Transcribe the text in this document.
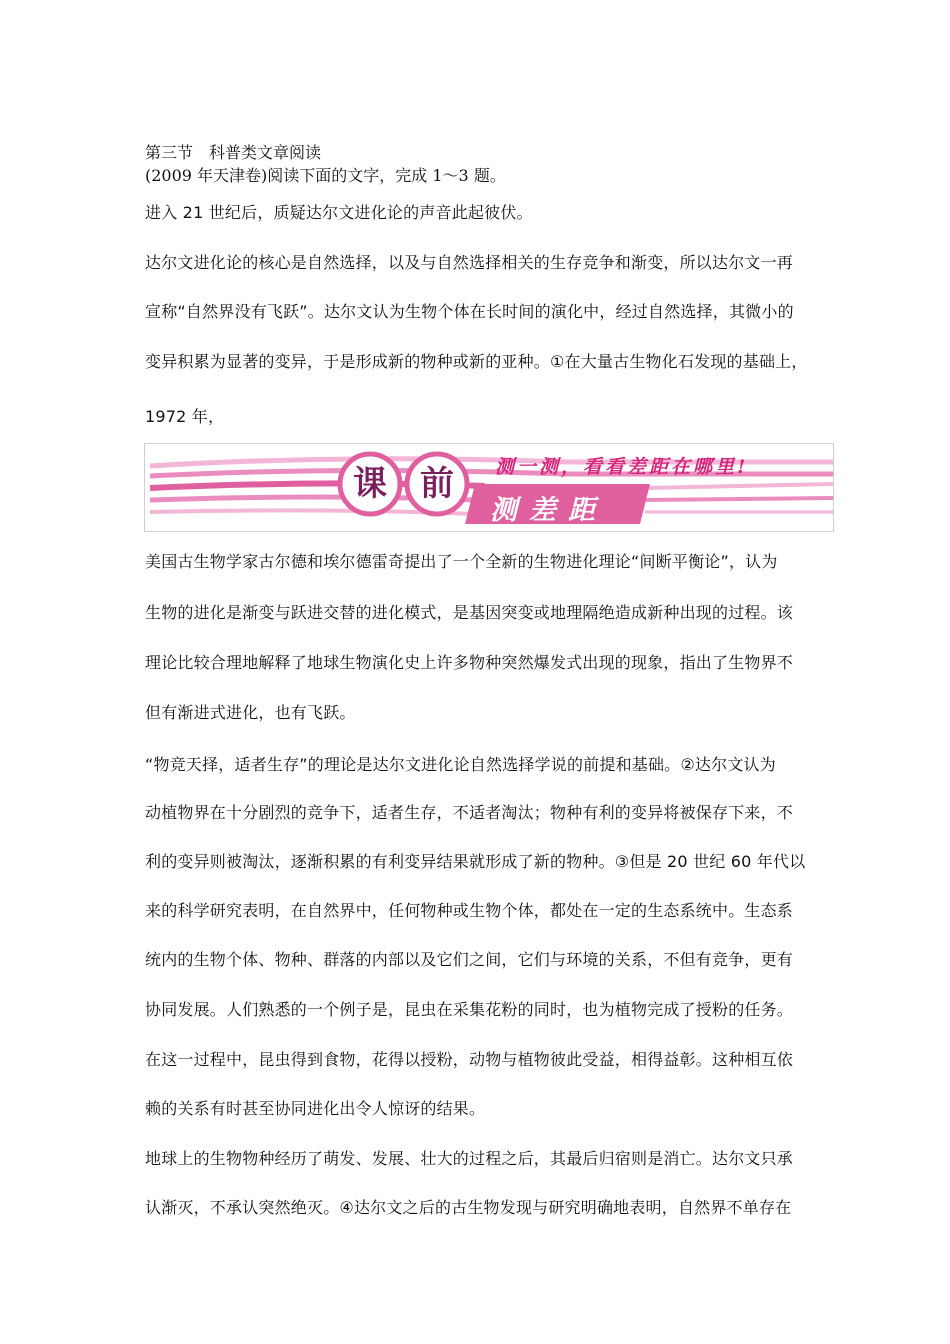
第三节　科普类文章阅读
(2009 年天津卷)阅读下面的文字，完成 1～3 题。
进入 21 世纪后，质疑达尔文进化论的声音此起彼伏。
达尔文进化论的核心是自然选择，以及与自然选择相关的生存竞争和渐变，所以达尔文一再
宣称“自然界没有飞跃”。达尔文认为生物个体在长时间的演化中，经过自然选择，其微小的
变异积累为显著的变异，于是形成新的物种或新的亚种。①在大量古生物化石发现的基础上，
1972 年，
课 前	测一测，看看差距在哪里!
测差距
美国古生物学家古尔德和埃尔德雷奇提出了一个全新的生物进化理论“间断平衡论”，认为
生物的进化是渐变与跃进交替的进化模式，是基因突变或地理隔绝造成新种出现的过程。该
理论比较合理地解释了地球生物演化史上许多物种突然爆发式出现的现象，指出了生物界不
但有渐进式进化，也有飞跃。
“物竞天择，适者生存”的理论是达尔文进化论自然选择学说的前提和基础。②达尔文认为
动植物界在十分剧烈的竞争下，适者生存，不适者淘汰；物种有利的变异将被保存下来，不
利的变异则被淘汰，逐渐积累的有利变异结果就形成了新的物种。③但是 20 世纪 60 年代以
来的科学研究表明，在自然界中，任何物种或生物个体，都处在一定的生态系统中。生态系
统内的生物个体、物种、群落的内部以及它们之间，它们与环境的关系，不但有竞争，更有
协同发展。人们熟悉的一个例子是，昆虫在采集花粉的同时，也为植物完成了授粉的任务。
在这一过程中，昆虫得到食物，花得以授粉，动物与植物彼此受益，相得益彰。这种相互依
赖的关系有时甚至协同进化出令人惊讶的结果。
地球上的生物物种经历了萌发、发展、壮大的过程之后，其最后归宿则是消亡。达尔文只承
认渐灭，不承认突然绝灭。④达尔文之后的古生物发现与研究明确地表明，自然界不单存在
